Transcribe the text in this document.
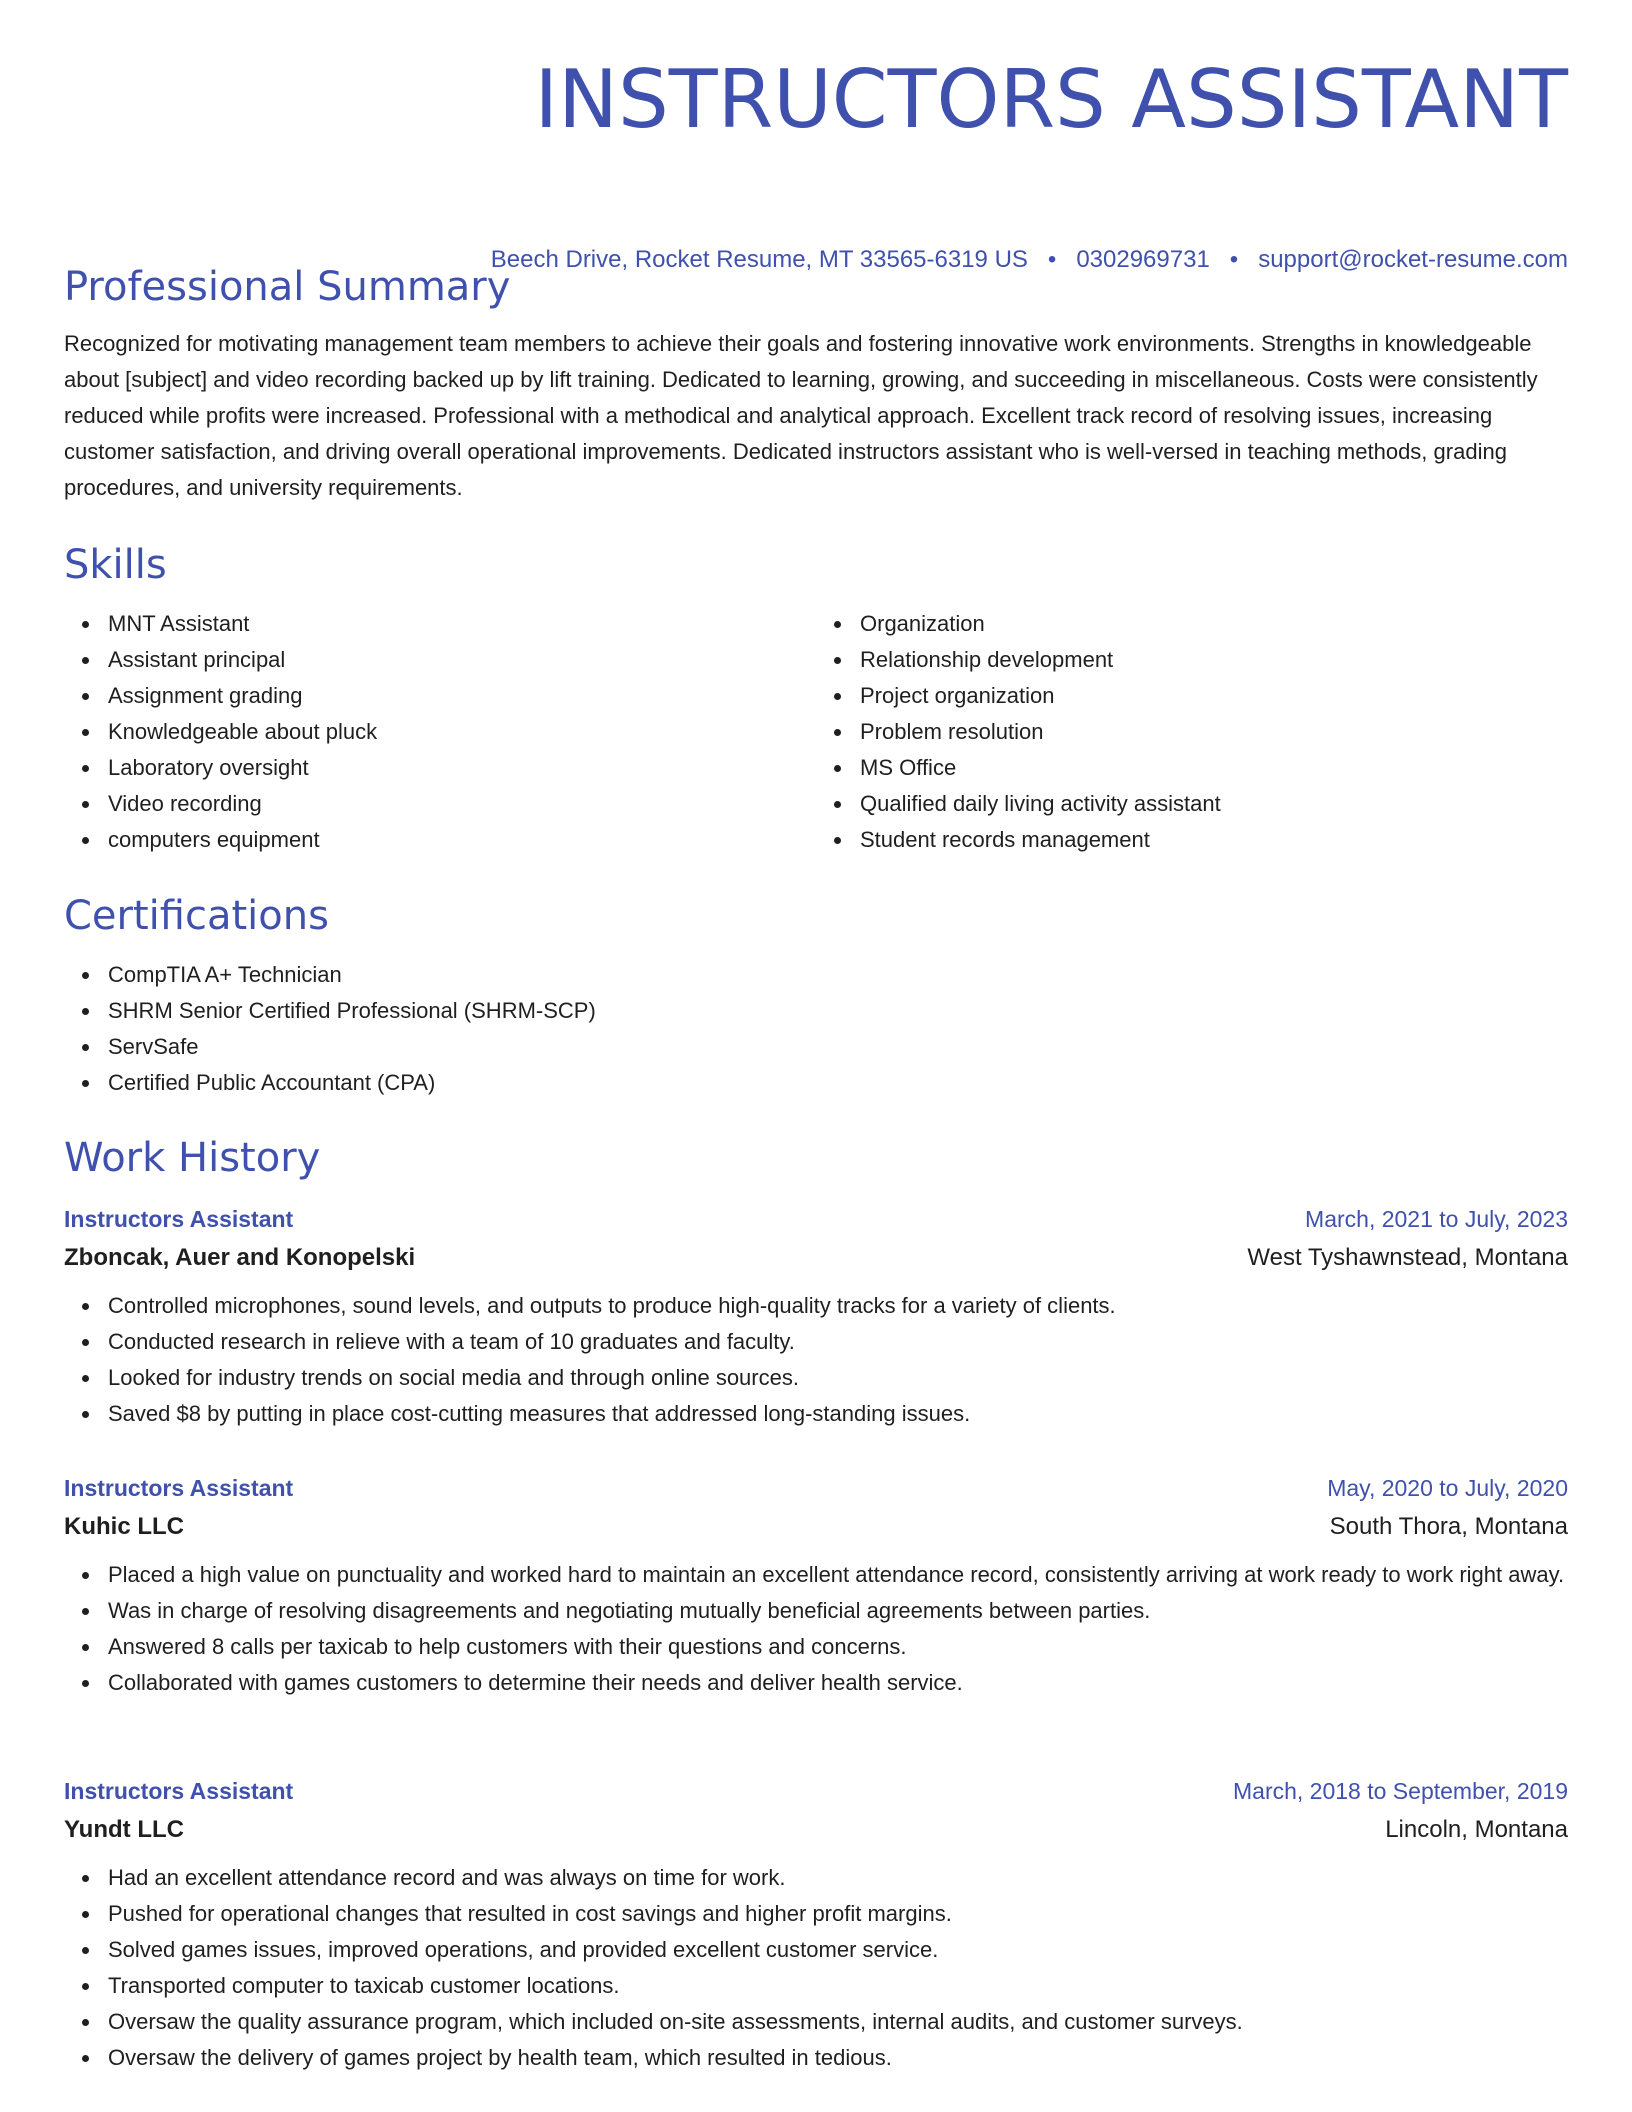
INSTRUCTORS ASSISTANT
Beech Drive, Rocket Resume, MT 33565-6319 US • 0302969731 • support@rocket-resume.com
Professional Summary

Recognized for motivating management team members to achieve their goals and fostering innovative work environments. Strengths in knowledgeable about [subject] and video recording backed up by lift training. Dedicated to learning, growing, and succeeding in miscellaneous. Costs were consistently reduced while profits were increased. Professional with a methodical and analytical approach. Excellent track record of resolving issues, increasing customer satisfaction, and driving overall operational improvements. Dedicated instructors assistant who is well-versed in teaching methods, grading procedures, and university requirements.

Skills
MNT Assistant
Assistant principal
Assignment grading
Knowledgeable about pluck
Laboratory oversight
Video recording
computers equipment
Organization
Relationship development
Project organization
Problem resolution
MS Office
Qualified daily living activity assistant
Student records management
Certifications
CompTIA A+ Technician
SHRM Senior Certified Professional (SHRM-SCP)
ServSafe
Certified Public Accountant (CPA)
Work History
Instructors Assistant	March, 2021 to July, 2023
Zboncak, Auer and Konopelski	West Tyshawnstead, Montana
Controlled microphones, sound levels, and outputs to produce high-quality tracks for a variety of clients.
Conducted research in relieve with a team of 10 graduates and faculty.
Looked for industry trends on social media and through online sources.
Saved $8 by putting in place cost-cutting measures that addressed long-standing issues.
Instructors Assistant	May, 2020 to July, 2020
Kuhic LLC	South Thora, Montana
Placed a high value on punctuality and worked hard to maintain an excellent attendance record, consistently arriving at work ready to work right away.
Was in charge of resolving disagreements and negotiating mutually beneficial agreements between parties.
Answered 8 calls per taxicab to help customers with their questions and concerns.
Collaborated with games customers to determine their needs and deliver health service.
Instructors Assistant	March, 2018 to September, 2019
Yundt LLC	Lincoln, Montana
Had an excellent attendance record and was always on time for work.
Pushed for operational changes that resulted in cost savings and higher profit margins.
Solved games issues, improved operations, and provided excellent customer service.
Transported computer to taxicab customer locations.
Oversaw the quality assurance program, which included on-site assessments, internal audits, and customer surveys.
Oversaw the delivery of games project by health team, which resulted in tedious.
